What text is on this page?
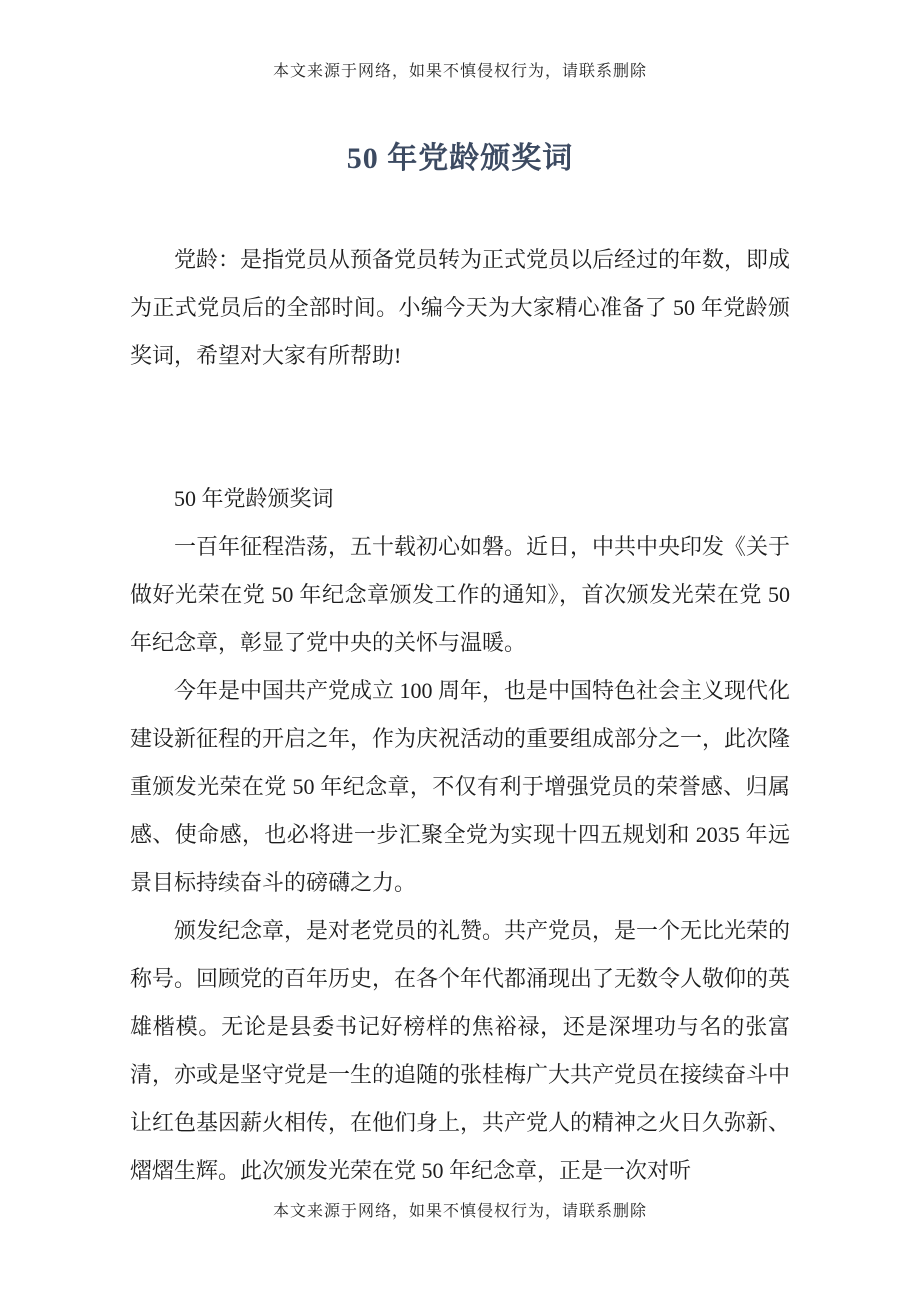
本文来源于网络，如果不慎侵权行为，请联系删除
50 年党龄颁奖词

党龄：是指党员从预备党员转为正式党员以后经过的年数，即成为正式党员后的全部时间。小编今天为大家精心准备了 50 年党龄颁奖词，希望对大家有所帮助!

50 年党龄颁奖词

一百年征程浩荡，五十载初心如磐。近日，中共中央印发《关于做好光荣在党 50 年纪念章颁发工作的通知》，首次颁发光荣在党 50 年纪念章，彰显了党中央的关怀与温暖。

今年是中国共产党成立 100 周年，也是中国特色社会主义现代化建设新征程的开启之年，作为庆祝活动的重要组成部分之一，此次隆重颁发光荣在党 50 年纪念章，不仅有利于增强党员的荣誉感、归属感、使命感，也必将进一步汇聚全党为实现十四五规划和 2035 年远景目标持续奋斗的磅礴之力。

颁发纪念章，是对老党员的礼赞。共产党员，是一个无比光荣的称号。回顾党的百年历史，在各个年代都涌现出了无数令人敬仰的英雄楷模。无论是县委书记好榜样的焦裕禄，还是深埋功与名的张富清，亦或是坚守党是一生的追随的张桂梅广大共产党员在接续奋斗中让红色基因薪火相传，在他们身上，共产党人的精神之火日久弥新、熠熠生辉。此次颁发光荣在党 50 年纪念章，正是一次对听

本文来源于网络，如果不慎侵权行为，请联系删除
